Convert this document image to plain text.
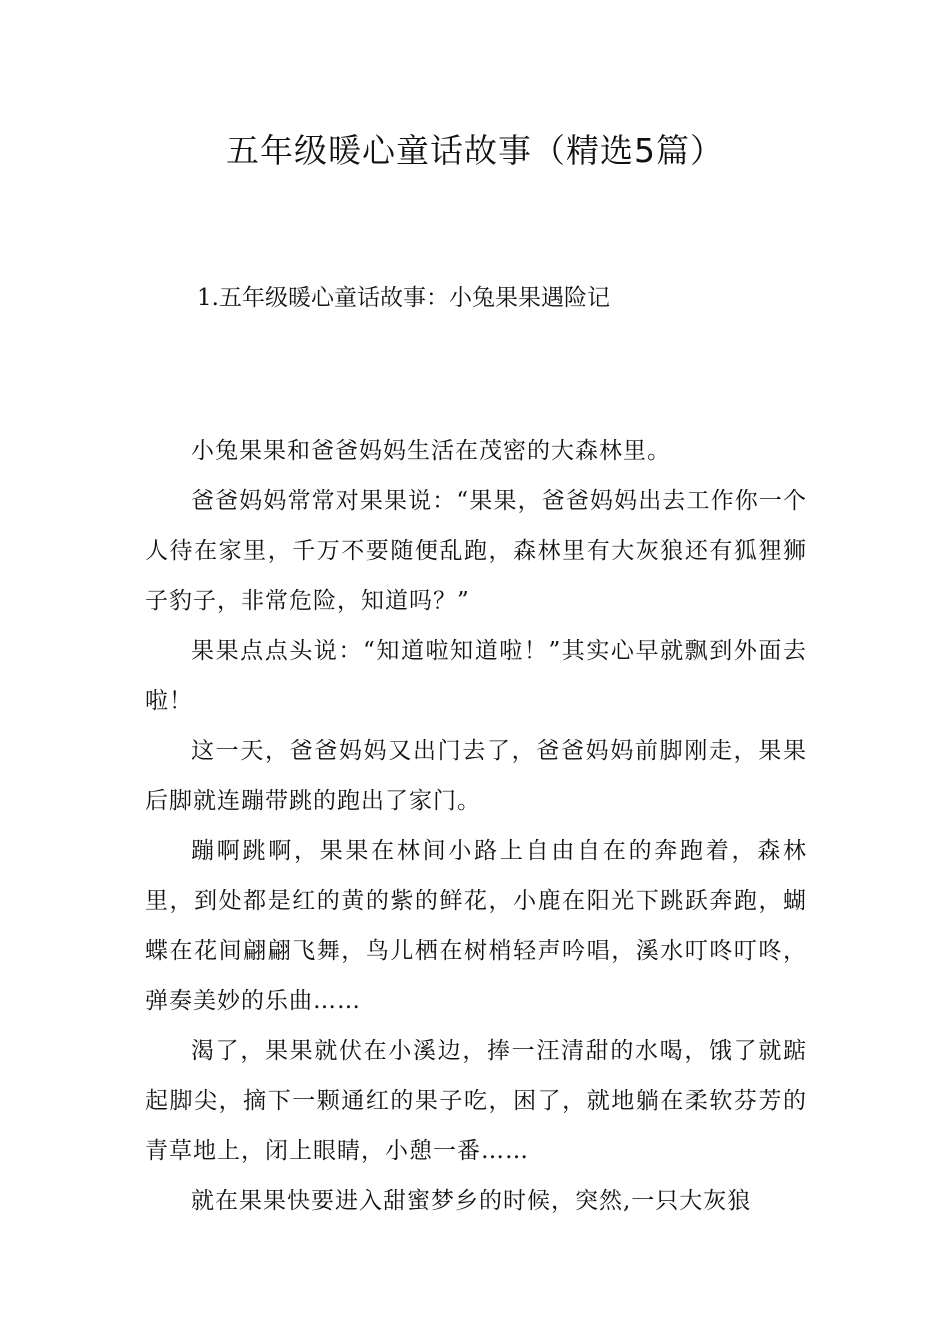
五年级暖心童话故事（精选5篇）
1.五年级暖心童话故事：小兔果果遇险记

小兔果果和爸爸妈妈生活在茂密的大森林里。

爸爸妈妈常常对果果说：“果果，爸爸妈妈出去工作你一个人待在家里，千万不要随便乱跑，森林里有大灰狼还有狐狸狮子豹子，非常危险，知道吗？”

果果点点头说：“知道啦知道啦！”其实心早就飘到外面去啦！

这一天，爸爸妈妈又出门去了，爸爸妈妈前脚刚走，果果后脚就连蹦带跳的跑出了家门。

蹦啊跳啊，果果在林间小路上自由自在的奔跑着，森林里，到处都是红的黄的紫的鲜花，小鹿在阳光下跳跃奔跑，蝴蝶在花间翩翩飞舞，鸟儿栖在树梢轻声吟唱，溪水叮咚叮咚，弹奏美妙的乐曲……

渴了，果果就伏在小溪边，捧一汪清甜的水喝，饿了就踮起脚尖，摘下一颗通红的果子吃，困了，就地躺在柔软芬芳的青草地上，闭上眼睛，小憩一番……

就在果果快要进入甜蜜梦乡的时候，突然,一只大灰狼
